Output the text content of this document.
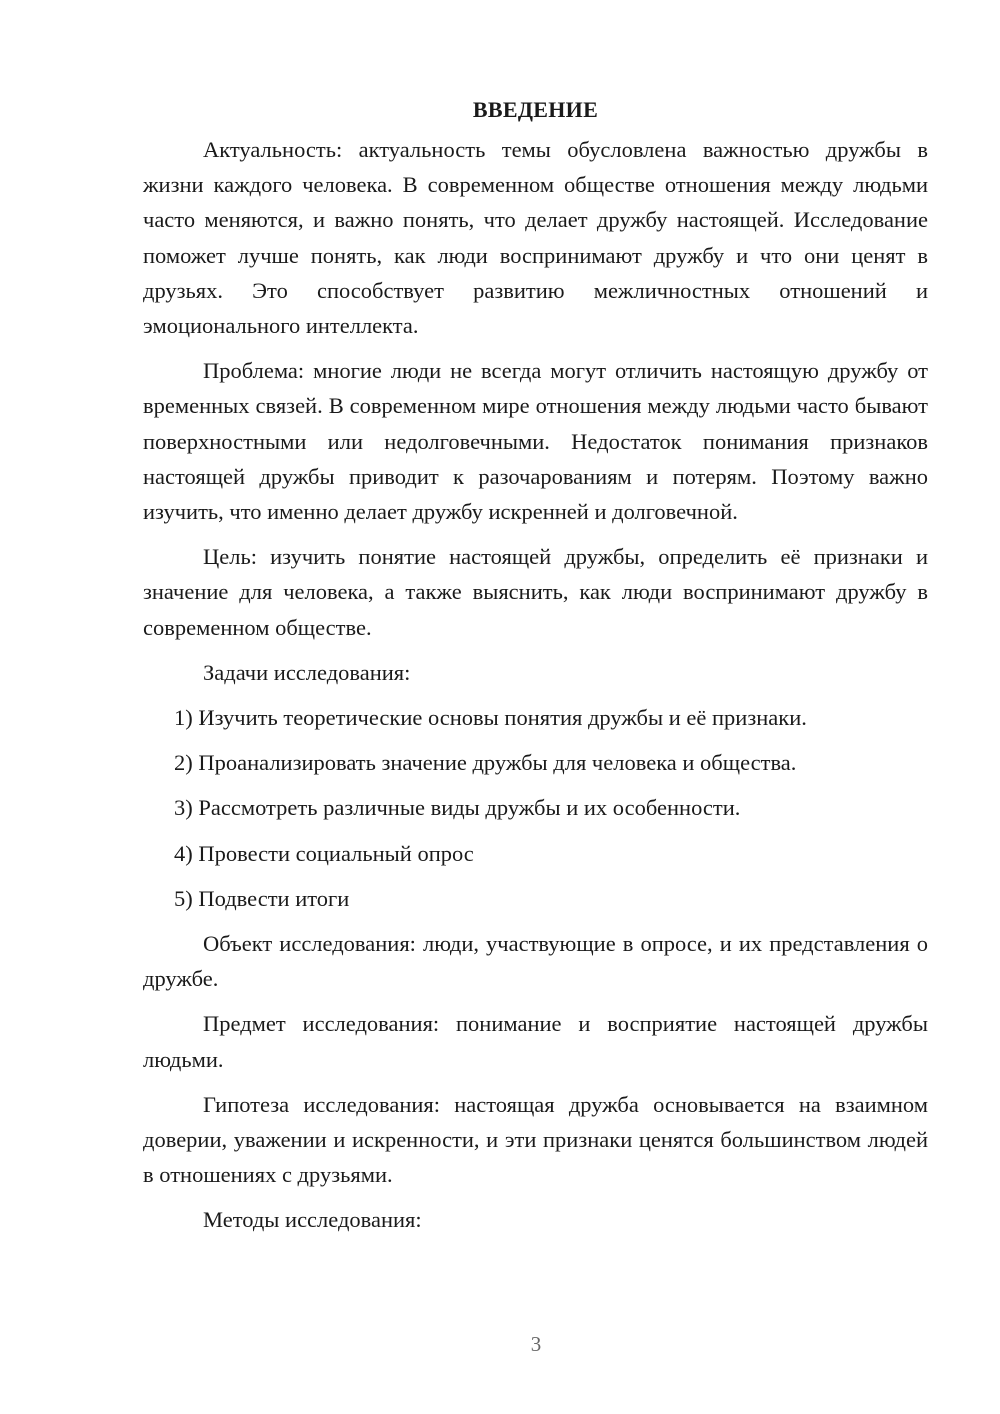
ВВЕДЕНИЕ

Актуальность: актуальность темы обусловлена важностью дружбы в жизни каждого человека. В современном обществе отношения между людьми часто меняются, и важно понять, что делает дружбу настоящей. Исследование поможет лучше понять, как люди воспринимают дружбу и что они ценят в друзьях. Это способствует развитию межличностных отношений и эмоционального интеллекта.

Проблема: многие люди не всегда могут отличить настоящую дружбу от временных связей. В современном мире отношения между людьми часто бывают поверхностными или недолговечными. Недостаток понимания признаков настоящей дружбы приводит к разочарованиям и потерям. Поэтому важно изучить, что именно делает дружбу искренней и долговечной.

Цель: изучить понятие настоящей дружбы, определить её признаки и значение для человека, а также выяснить, как люди воспринимают дружбу в современном обществе.

Задачи исследования:

1) Изучить теоретические основы понятия дружбы и её признаки.
2) Проанализировать значение дружбы для человека и общества.
3) Рассмотреть различные виды дружбы и их особенности.
4) Провести социальный опрос
5) Подвести итоги

Объект исследования: люди, участвующие в опросе, и их представления о дружбе.

Предмет исследования: понимание и восприятие настоящей дружбы людьми.

Гипотеза исследования: настоящая дружба основывается на взаимном доверии, уважении и искренности, и эти признаки ценятся большинством людей в отношениях с друзьями.

Методы исследования:

3
